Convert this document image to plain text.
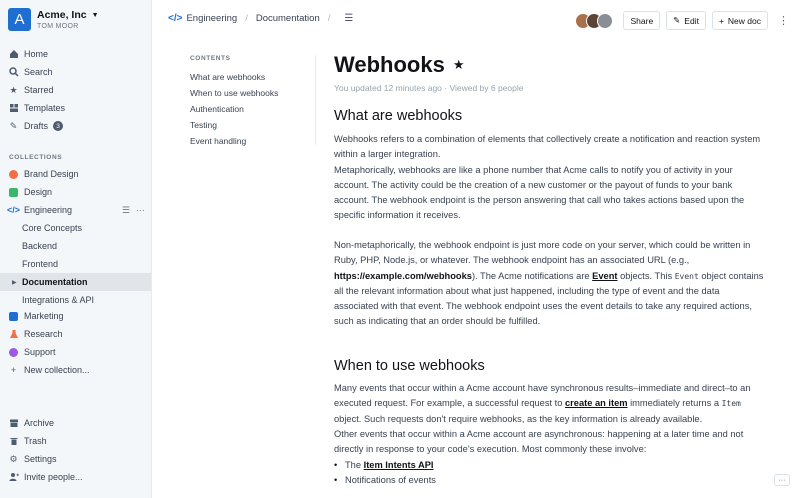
A	Acme, Inc ▼
TOM MOOR
Home
Search
★ Starred
Templates
✎ Drafts	3
COLLECTIONS
Brand Design
Design
</> Engineering	☰ ···
Core Concepts
Backend
Frontend
▶ Documentation
Integrations & API
Marketing
Research
Support
+ New collection...
Archive
Trash
⚙ Settings
Invite people...
</> Engineering / Documentation / ☰	Share ✎ Edit + New doc ⋮
CONTENTS
What are webhooks
When to use webhooks
Authentication
Testing
Event handling
Webhooks ★
You updated 12 minutes ago · Viewed by 6 people
What are webhooks
Webhooks refers to a combination of elements that collectively create a notification and reaction system within a larger integration.
Metaphorically, webhooks are like a phone number that Acme calls to notify you of activity in your account. The activity could be the creation of a new customer or the payout of funds to your bank account. The webhook endpoint is the person answering that call who takes actions based upon the specific information it receives.
Non-metaphorically, the webhook endpoint is just more code on your server, which could be written in Ruby, PHP, Node.js, or whatever. The webhook endpoint has an associated URL (e.g., https://example.com/webhooks). The Acme notifications are Event objects. This Event object contains all the relevant information about what just happened, including the type of event and the data associated with that event. The webhook endpoint uses the event details to take any required actions, such as indicating that an order should be fulfilled.
When to use webhooks
Many events that occur within a Acme account have synchronous results–immediate and direct–to an executed request. For example, a successful request to create an item immediately returns a Item object. Such requests don't require webhooks, as the key information is already available.
Other events that occur within a Acme account are asynchronous: happening at a later time and not directly in response to your code's execution. Most commonly these involve:
• The Item Intents API
• Notifications of events	···
